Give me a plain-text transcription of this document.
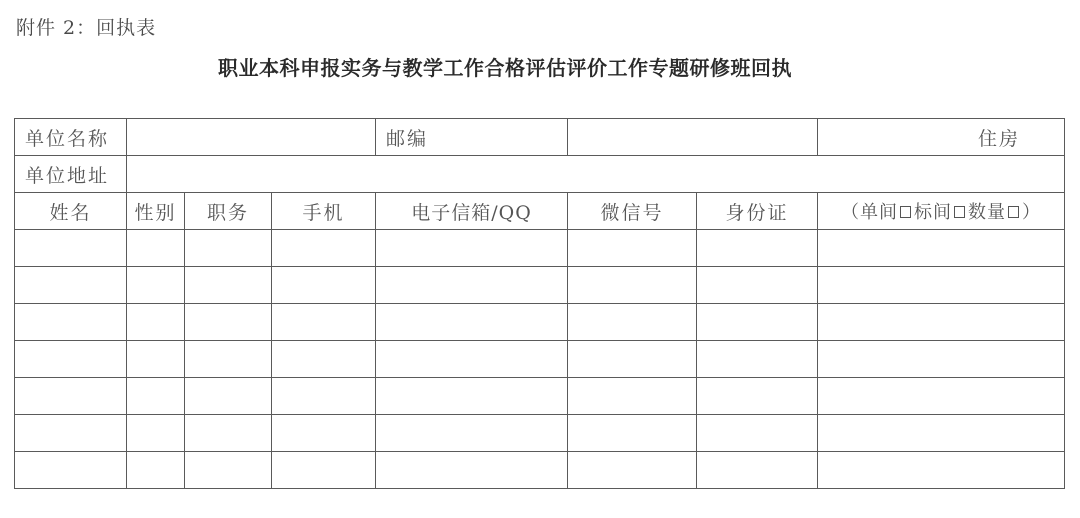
附件 2：回执表
职业本科申报实务与教学工作合格评估评价工作专题研修班回执
单位名称				邮编			住房
单位地址							
姓名	性别	职务	手机	电子信箱/QQ	微信号	身份证	（单间 标间 数量 ）
